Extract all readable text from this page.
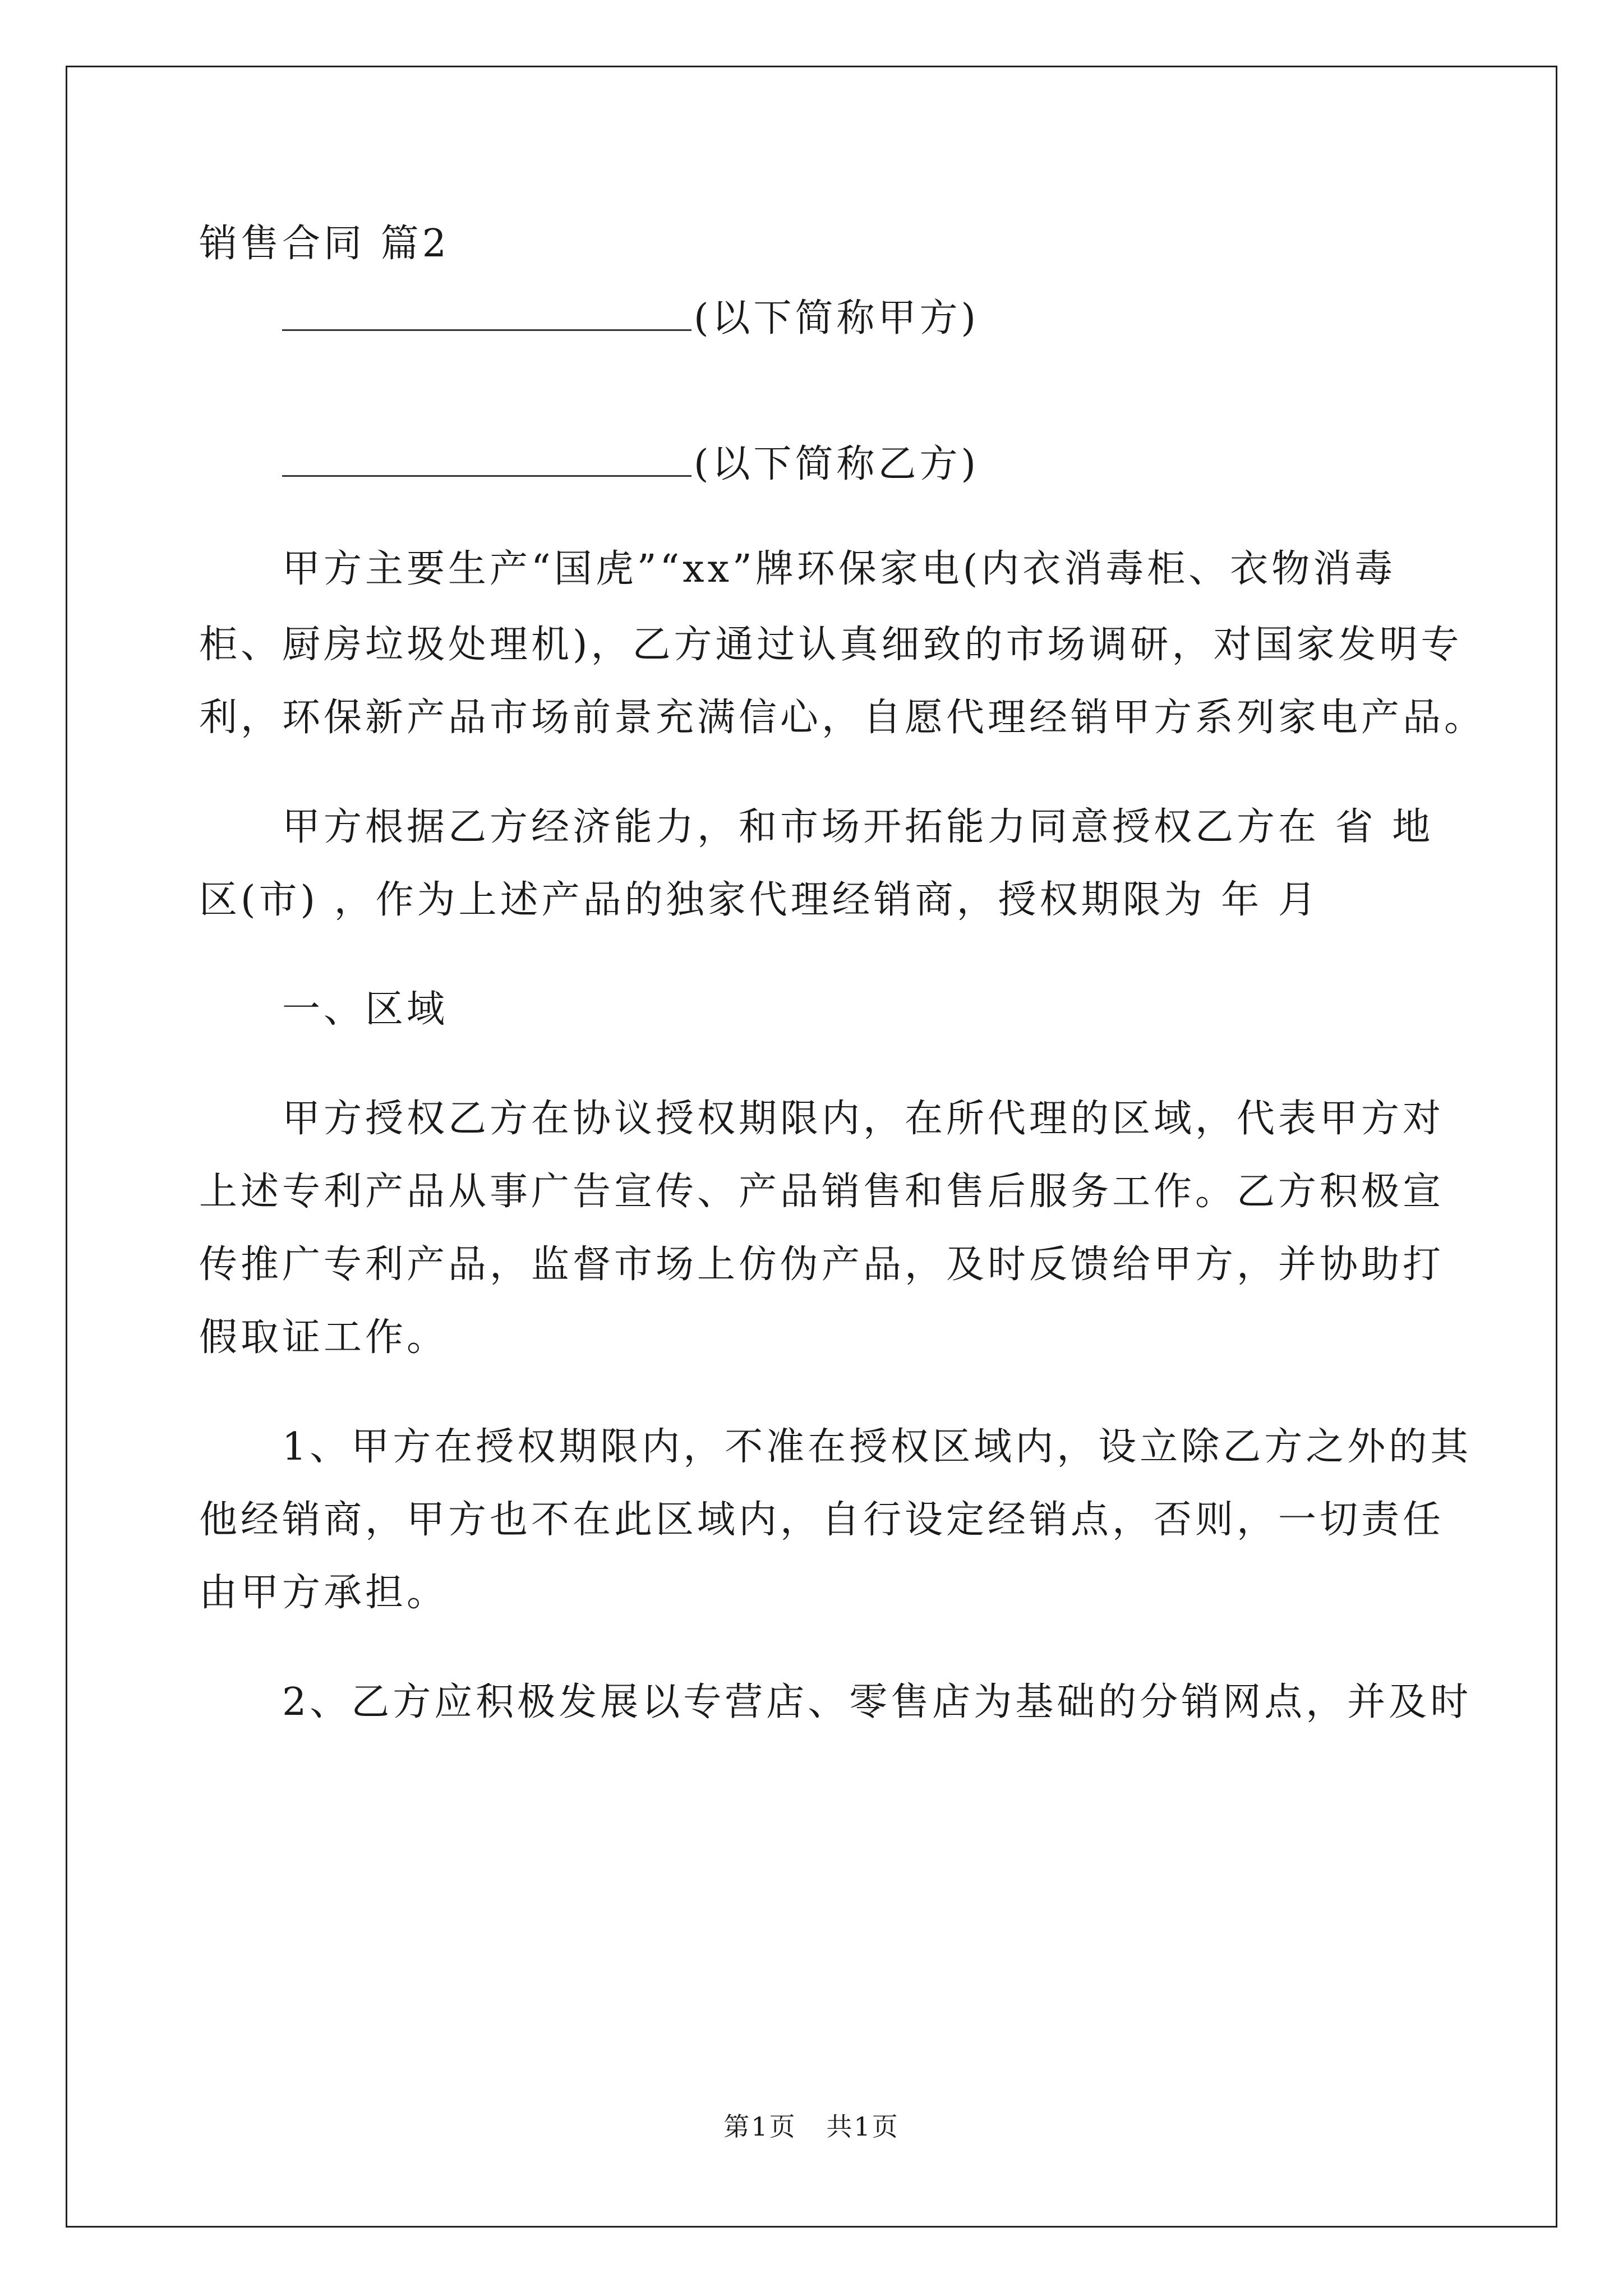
销售合同 篇2
(以下简称甲方)
(以下简称乙方)
甲方主要生产“国虎”“xx”牌环保家电(内衣消毒柜、衣物消毒
柜、厨房垃圾处理机)，乙方通过认真细致的市场调研，对国家发明专
利，环保新产品市场前景充满信心，自愿代理经销甲方系列家电产品。
甲方根据乙方经济能力，和市场开拓能力同意授权乙方在 省 地
区(市) ，作为上述产品的独家代理经销商，授权期限为 年 月
一、区域
甲方授权乙方在协议授权期限内，在所代理的区域，代表甲方对
上述专利产品从事广告宣传、产品销售和售后服务工作。乙方积极宣
传推广专利产品，监督市场上仿伪产品，及时反馈给甲方，并协助打
假取证工作。
1、甲方在授权期限内，不准在授权区域内，设立除乙方之外的其
他经销商，甲方也不在此区域内，自行设定经销点，否则，一切责任
由甲方承担。
2、乙方应积极发展以专营店、零售店为基础的分销网点，并及时
第1页   共1页
